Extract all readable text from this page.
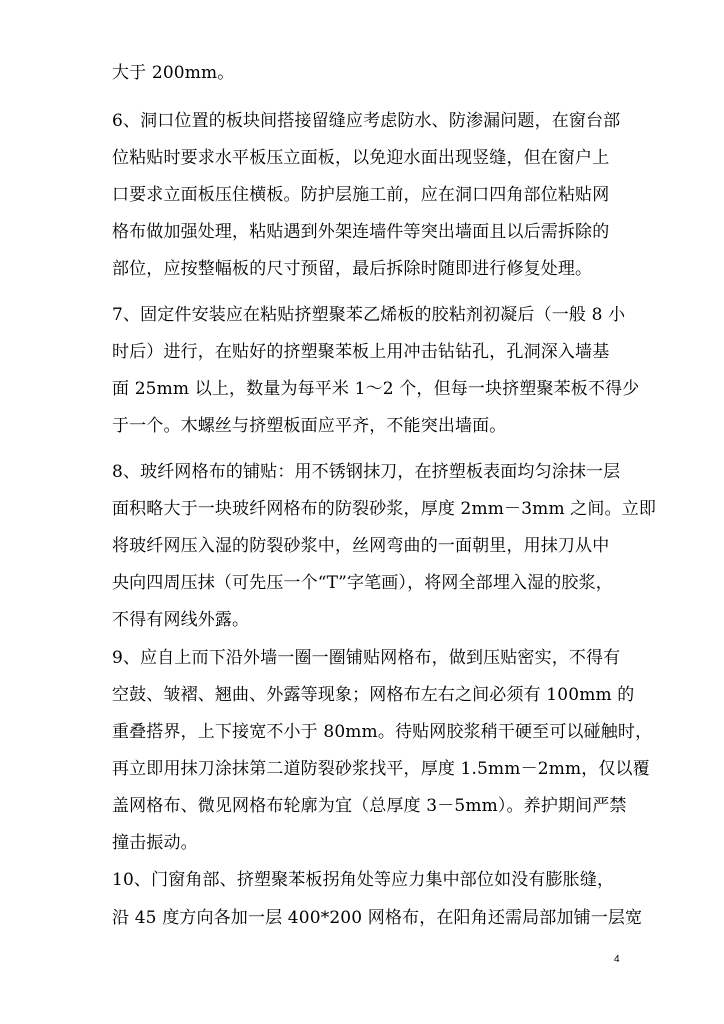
大于 200mm。
6、洞口位置的板块间搭接留缝应考虑防水、防渗漏问题，在窗台部
位粘贴时要求水平板压立面板，以免迎水面出现竖缝，但在窗户上
口要求立面板压住横板。防护层施工前，应在洞口四角部位粘贴网
格布做加强处理，粘贴遇到外架连墙件等突出墙面且以后需拆除的
部位，应按整幅板的尺寸预留，最后拆除时随即进行修复处理。
7、固定件安装应在粘贴挤塑聚苯乙烯板的胶粘剂初凝后（一般 8 小
时后）进行，在贴好的挤塑聚苯板上用冲击钻钻孔，孔洞深入墙基
面 25mm 以上，数量为每平米 1～2 个，但每一块挤塑聚苯板不得少
于一个。木螺丝与挤塑板面应平齐，不能突出墙面。
8、玻纤网格布的铺贴：用不锈钢抹刀，在挤塑板表面均匀涂抹一层
面积略大于一块玻纤网格布的防裂砂浆，厚度 2mm－3mm 之间。立即
将玻纤网压入湿的防裂砂浆中，丝网弯曲的一面朝里，用抹刀从中
央向四周压抹（可先压一个“T”字笔画），将网全部埋入湿的胶浆，
不得有网线外露。
9、应自上而下沿外墙一圈一圈铺贴网格布，做到压贴密实，不得有
空鼓、皱褶、翘曲、外露等现象；网格布左右之间必须有 100mm 的
重叠搭界，上下接宽不小于 80mm。待贴网胶浆稍干硬至可以碰触时，
再立即用抹刀涂抹第二道防裂砂浆找平，厚度 1.5mm－2mm，仅以覆
盖网格布、微见网格布轮廓为宜（总厚度 3－5mm）。养护期间严禁
撞击振动。
10、门窗角部、挤塑聚苯板拐角处等应力集中部位如没有膨胀缝，
沿 45 度方向各加一层 400*200 网格布，在阳角还需局部加铺一层宽
4
